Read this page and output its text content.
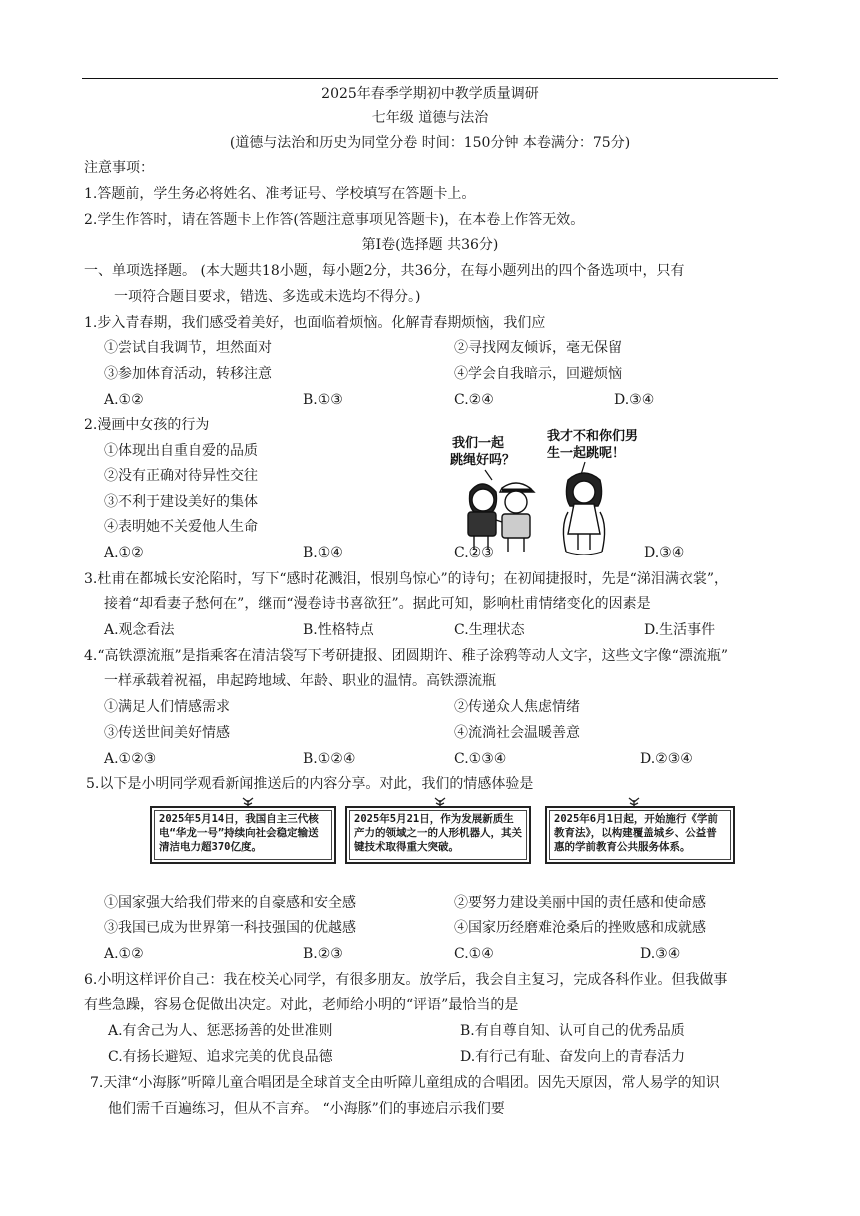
2025年春季学期初中教学质量调研
七年级 道德与法治
(道德与法治和历史为同堂分卷 时间：150分钟 本卷满分：75分)
注意事项：
1.答题前，学生务必将姓名、准考证号、学校填写在答题卡上。
2.学生作答时，请在答题卡上作答(答题注意事项见答题卡)，在本卷上作答无效。
第Ⅰ卷(选择题 共36分)
一、单项选择题。 (本大题共18小题，每小题2分，共36分，在每小题列出的四个备选项中，只有
一项符合题目要求，错选、多选或未选均不得分。)
1.步入青春期，我们感受着美好，也面临着烦恼。化解青春期烦恼，我们应
①尝试自我调节，坦然面对	②寻找网友倾诉，毫无保留
③参加体育活动，转移注意	④学会自我暗示，回避烦恼
A.①②	B.①③	C.②④	D.③④
2.漫画中女孩的行为
①体现出自重自爱的品质
②没有正确对待异性交往
③不利于建设美好的集体
④表明她不关爱他人生命
我们一起
跳绳好吗？
我才不和你们男
生一起跳呢！
A.①②	B.①④	C.②③	D.③④
3.杜甫在都城长安沦陷时，写下“感时花溅泪，恨别鸟惊心”的诗句；在初闻捷报时，先是“涕泪满衣裳”，
接着“却看妻子愁何在”，继而“漫卷诗书喜欲狂”。据此可知，影响杜甫情绪变化的因素是
A.观念看法	B.性格特点	C.生理状态	D.生活事件
4.“高铁漂流瓶”是指乘客在清洁袋写下考研捷报、团圆期许、稚子涂鸦等动人文字，这些文字像“漂流瓶”
一样承载着祝福，串起跨地域、年龄、职业的温情。高铁漂流瓶
①满足人们情感需求	②传递众人焦虑情绪
③传送世间美好情感	④流淌社会温暖善意
A.①②③	B.①②④	C.①③④	D.②③④
5.以下是小明同学观看新闻推送后的内容分享。对此，我们的情感体验是
2025年5月14日，我国自主三代核电“华龙一号”持续向社会稳定输送清洁电力超370亿度。
2025年5月21日，作为发展新质生产力的领域之一的人形机器人，其关键技术取得重大突破。
2025年6月1日起，开始施行《学前教育法》，以构建覆盖城乡、公益普惠的学前教育公共服务体系。
①国家强大给我们带来的自豪感和安全感	②要努力建设美丽中国的责任感和使命感
③我国已成为世界第一科技强国的优越感	④国家历经磨难沧桑后的挫败感和成就感
A.①②	B.②③	C.①④	D.③④
6.小明这样评价自己：我在校关心同学，有很多朋友。放学后，我会自主复习，完成各科作业。但我做事
有些急躁，容易仓促做出决定。对此，老师给小明的“评语”最恰当的是
A.有舍己为人、惩恶扬善的处世准则	B.有自尊自知、认可自己的优秀品质
C.有扬长避短、追求完美的优良品德	D.有行己有耻、奋发向上的青春活力
7.天津“小海豚”听障儿童合唱团是全球首支全由听障儿童组成的合唱团。因先天原因，常人易学的知识
他们需千百遍练习，但从不言弃。 “小海豚”们的事迹启示我们要
